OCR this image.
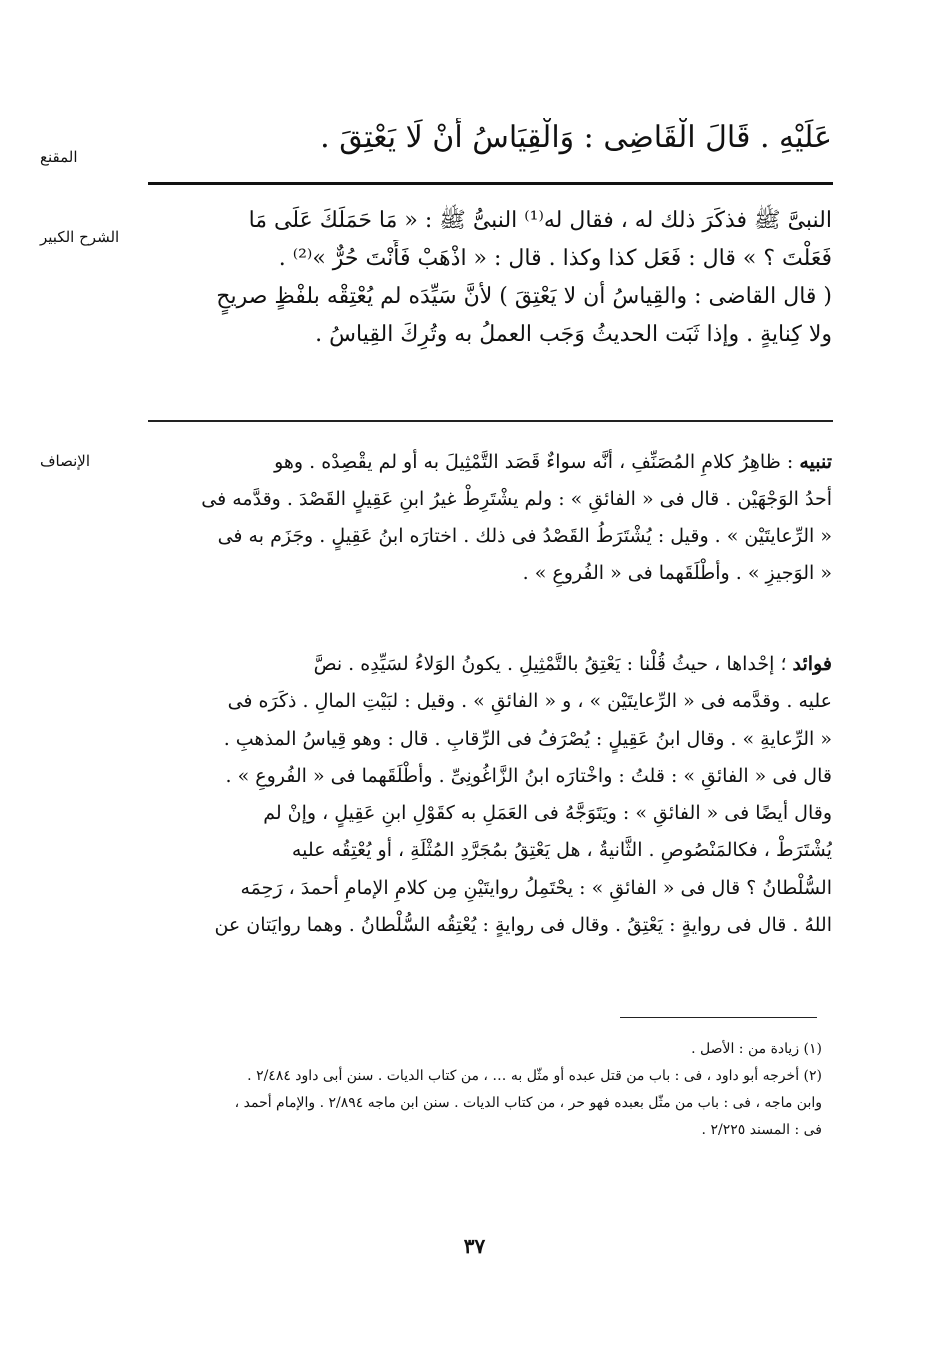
المقنع
الشرح الكبير
الإنصاف
عَلَيْهِ . قَالَ الْقَاضِى : وَالْقِيَاسُ أَنْ لَا يَعْتِقَ .
النبىَّ ﷺ فذكَرَ ذلك له ، فقال له⁽¹⁾ النبىُّ ﷺ : « مَا حَمَلَكَ عَلَى مَا
فَعَلْتَ ؟ » قال : فَعَل كذا وكذا . قال : « اذْهَبْ فَأَنْتَ حُرٌّ »⁽²⁾ .
( قال القاضى : والقِياسُ أن لا يَعْتِقَ ) لأنَّ سَيِّدَه لم يُعْتِقْه بلفْظٍ صريحٍ
ولا كِنايةٍ . وإذا ثَبَت الحديثُ وَجَب العملُ به وتُرِكَ القِياسُ .
تنبيه : ظاهِرُ كلامِ المُصَنِّفِ ، أنَّه سواءٌ قَصَد التَّمْثِيلَ به أو لم يقْصِدْه . وهو
أحدُ الوَجْهَيْن . قال فى « الفائقِ » : ولم يشْتَرِطْ غيرُ ابنِ عَقِيلٍ القَصْدَ . وقدَّمه فى
« الرِّعايتَيْن » . وقيل : يُشْتَرَطُ القَصْدُ فى ذلك . اختارَه ابنُ عَقِيلٍ . وجَزَم به فى
« الوَجيزِ » . وأطْلَقَهما فى « الفُروعِ » .
فوائد ؛ إحْداها ، حيثُ قُلْنا : يَعْتِقُ بالتَّمْثِيلِ . يكونُ الوَلاءُ لسَيِّدِه . نصَّ
عليه . وقدَّمه فى « الرِّعايتَيْن » ، و « الفائقِ » . وقيل : لبَيْتِ المالِ . ذكَرَه فى
« الرِّعايةِ » . وقال ابنُ عَقِيلٍ : يُصْرَفُ فى الرِّقابِ . قال : وهو قِياسُ المذهبِ .
قال فى « الفائقِ » : قلتُ : واخْتارَه ابنُ الزَّاغُونِىِّ . وأطْلَقَهما فى « الفُروعِ » .
وقال أيضًا فى « الفائقِ » : ويَتَوَجَّهُ فى العَمَلِ به كقَوْلِ ابنِ عَقِيلٍ ، وإنْ لم
يُشْتَرَطْ ، فكالمَنْصُوصِ . الثَّانيةُ ، هل يَعْتِقُ بمُجَرَّدِ المُثْلَةِ ، أو يُعْتِقُه عليه
السُّلْطانُ ؟ قال فى « الفائقِ » : يحْتَمِلُ روايتَيْنِ مِن كلامِ الإمامِ أحمدَ ، رَحِمَه
اللهُ . قال فى روايةٍ : يَعْتِقُ . وقال فى روايةٍ : يُعْتِقُه السُّلْطانُ . وهما روايَتان عن
(١) زيادة من : الأصل .
(٢) أخرجه أبو داود ، فى : باب من قتل عبده أو مثّل به … ، من كتاب الديات . سنن أبى داود ٢/٤٨٤ .
وابن ماجه ، فى : باب من مثّل بعبده فهو حر ، من كتاب الديات . سنن ابن ماجه ٢/٨٩٤ . والإمام أحمد ،
فى : المسند ٢/٢٢٥ .
٣٧
